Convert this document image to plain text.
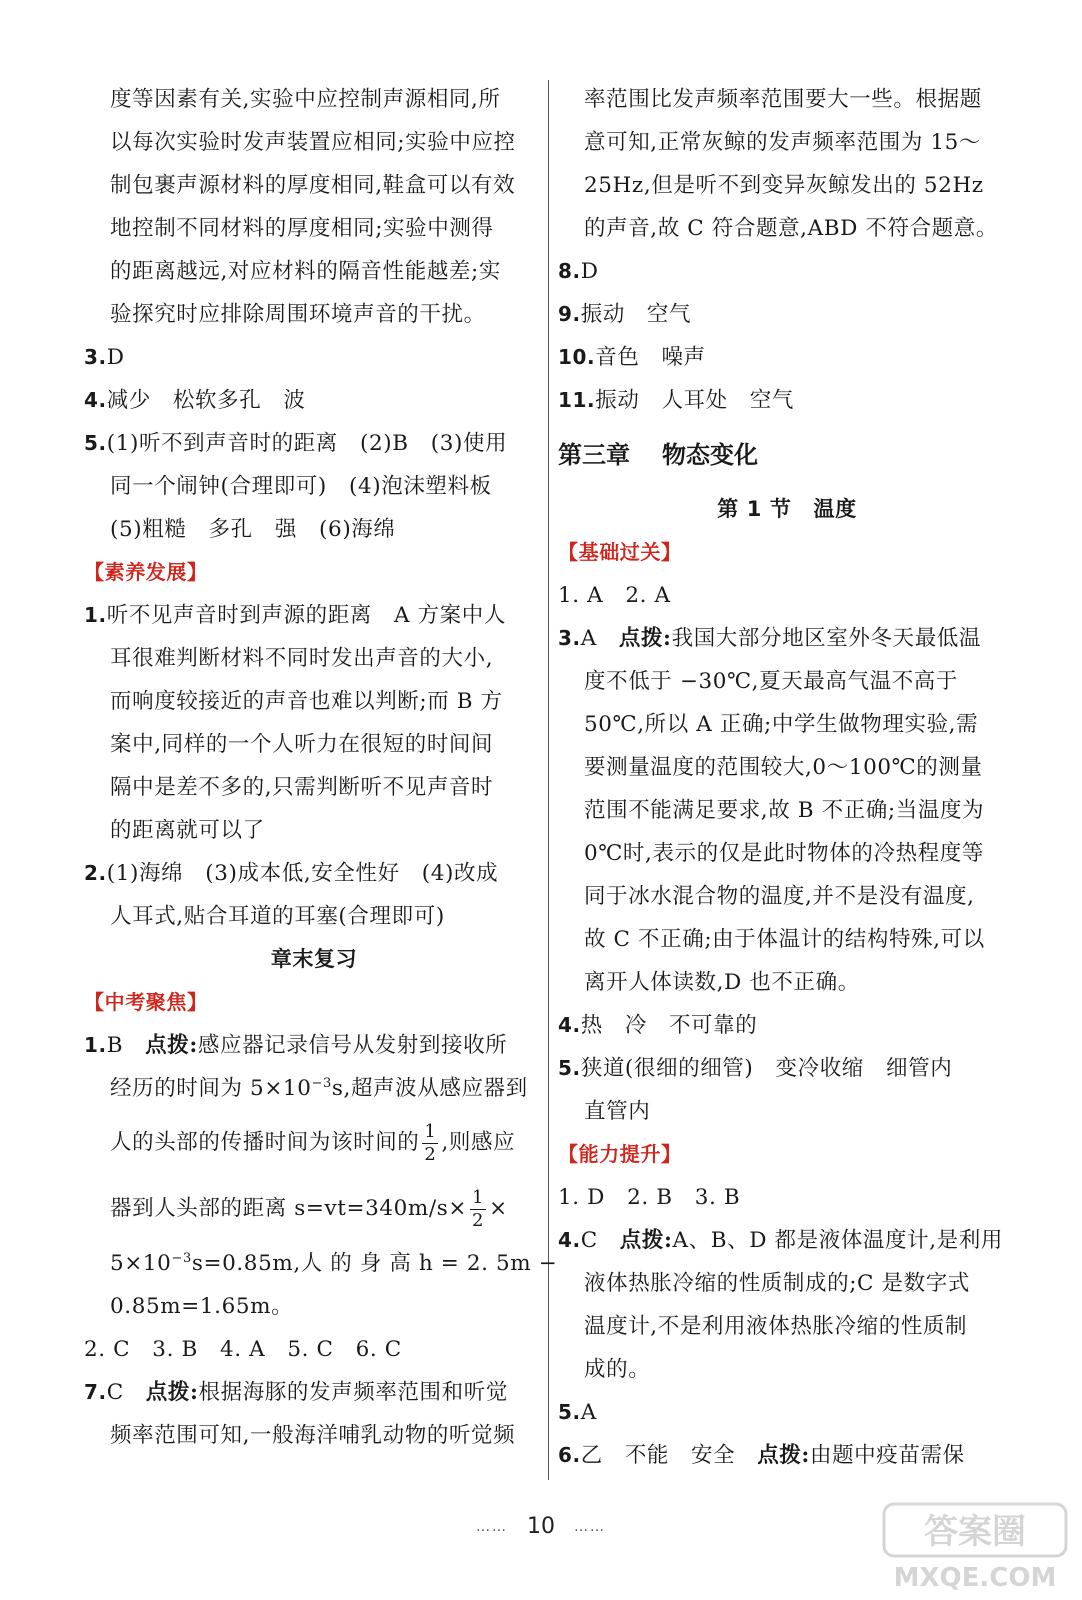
度等因素有关,实验中应控制声源相同,所
以每次实验时发声装置应相同;实验中应控
制包裹声源材料的厚度相同,鞋盒可以有效
地控制不同材料的厚度相同;实验中测得
的距离越远,对应材料的隔音性能越差;实
验探究时应排除周围环境声音的干扰。
3.D
4.减少 松软多孔 波
5.(1)听不到声音时的距离　(2)B　(3)使用
同一个闹钟(合理即可)　(4)泡沫塑料板
(5)粗糙　多孔　强　(6)海绵
【素养发展】
1.听不见声音时到声源的距离　A 方案中人
耳很难判断材料不同时发出声音的大小,
而响度较接近的声音也难以判断;而 B 方
案中,同样的一个人听力在很短的时间间
隔中是差不多的,只需判断听不见声音时
的距离就可以了
2.(1)海绵　(3)成本低,安全性好　(4)改成
人耳式,贴合耳道的耳塞(合理即可)
章末复习
【中考聚焦】
1.B 点拨:感应器记录信号从发射到接收所
经历的时间为 $5\times 10^{-3}s$,超声波从感应器到
人的头部的传播时间为该时间的 $\frac{1}{2}$ ,则感应
器到人头部的距离 $s=vt=340m/s\times \frac{1}{2}$ ×
$5\times 10^{-3}s=0.85m$,人 的 身 高 h = 2. 5m −
0.85m=1.65m。
2. C　3. B　4. A　5. C　6. C
7.C 点拨:根据海豚的发声频率范围和听觉
频率范围可知,一般海洋哺乳动物的听觉频
率范围比发声频率范围要大一些。根据题
意可知,正常灰鲸的发声频率范围为 15～
25Hz,但是听不到变异灰鲸发出的 52Hz
的声音,故 C 符合题意,ABD 不符合题意。
8.D
9.振动 空气
10.音色 噪声
11.振动 人耳处 空气
第三章 物态变化
第 1 节 温度
【基础过关】
1. A　2. A
3.A 点拨:我国大部分地区室外冬天最低温
度不低于 −30℃,夏天最高气温不高于
50℃,所以 A 正确;中学生做物理实验,需
要测量温度的范围较大,0～100℃的测量
范围不能满足要求,故 B 不正确;当温度为
0℃时,表示的仅是此时物体的冷热程度等
同于冰水混合物的温度,并不是没有温度,
故 C 不正确;由于体温计的结构特殊,可以
离开人体读数,D 也不正确。
4.热 冷 不可靠的
5.狭道(很细的细管)　变冷收缩　细管内
直管内
【能力提升】
1. D　2. B　3. B
4.C 点拨:A、B、D 都是液体温度计,是利用
液体热胀冷缩的性质制成的;C 是数字式
温度计,不是利用液体热胀冷缩的性质制
成的。
5.A
6.乙 不能 安全 点拨:由题中疫苗需保
…… 10 ……	答案圈
MXQE.COM
